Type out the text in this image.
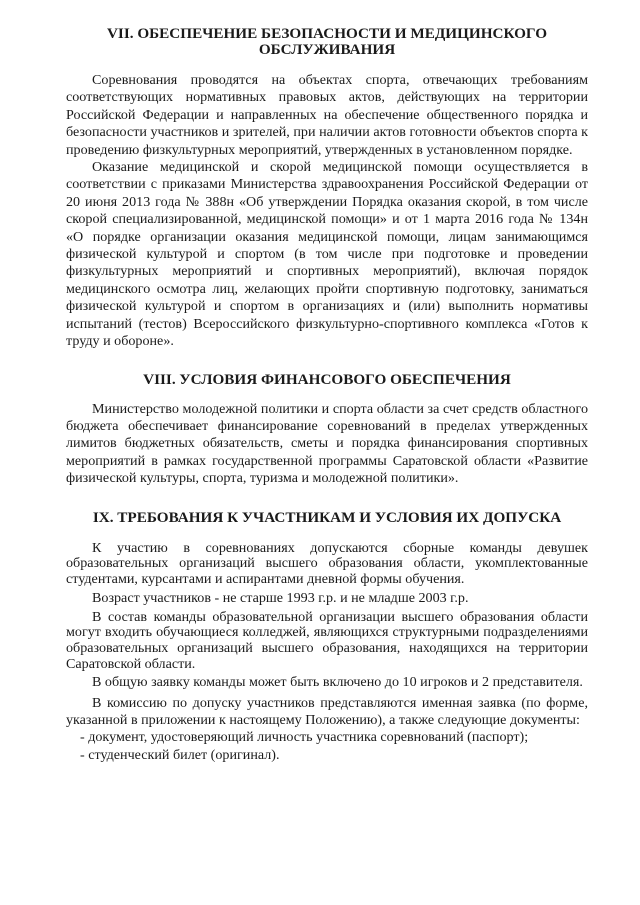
VII. ОБЕСПЕЧЕНИЕ БЕЗОПАСНОСТИ И МЕДИЦИНСКОГО
ОБСЛУЖИВАНИЯ

Соревнования проводятся на объектах спорта, отвечающих требованиям соответствующих нормативных правовых актов, действующих на территории Российской Федерации и направленных на обеспечение общественного порядка и безопасности участников и зрителей, при наличии актов готовности объектов спорта к проведению физкультурных мероприятий, утвержденных в установленном порядке.

Оказание медицинской и скорой медицинской помощи осуществляется в соответствии с приказами Министерства здравоохранения Российской Федерации от 20 июня 2013 года № 388н «Об утверждении Порядка оказания скорой, в том числе скорой специализированной, медицинской помощи» и от 1 марта 2016 года № 134н «О порядке организации оказания медицинской помощи, лицам занимающимся физической культурой и спортом (в том числе при подготовке и проведении физкультурных мероприятий и спортивных мероприятий), включая порядок медицинского осмотра лиц, желающих пройти спортивную подготовку, заниматься физической культурой и спортом в организациях и (или) выполнить нормативы испытаний (тестов) Всероссийского физкультурно-спортивного комплекса «Готов к труду и обороне».

VIII. УСЛОВИЯ ФИНАНСОВОГО ОБЕСПЕЧЕНИЯ

Министерство молодежной политики и спорта области за счет средств областного бюджета обеспечивает финансирование соревнований в пределах утвержденных лимитов бюджетных обязательств, сметы и порядка финансирования спортивных мероприятий в рамках государственной программы Саратовской области «Развитие физической культуры, спорта, туризма и молодежной политики».

IX. ТРЕБОВАНИЯ К УЧАСТНИКАМ И УСЛОВИЯ ИХ ДОПУСКА

К участию в соревнованиях допускаются сборные команды девушек образовательных организаций высшего образования области, укомплектованные студентами, курсантами и аспирантами дневной формы обучения.

Возраст участников - не старше 1993 г.р. и не младше 2003 г.р.

В состав команды образовательной организации высшего образования области могут входить обучающиеся колледжей, являющихся структурными подразделениями образовательных организаций высшего образования, находящихся на территории Саратовской области.

В общую заявку команды может быть включено до 10 игроков и 2 представителя.

В комиссию по допуску участников представляются именная заявка (по форме, указанной в приложении к настоящему Положению), а также следующие документы:

- документ, удостоверяющий личность участника соревнований (паспорт);

- студенческий билет (оригинал).
